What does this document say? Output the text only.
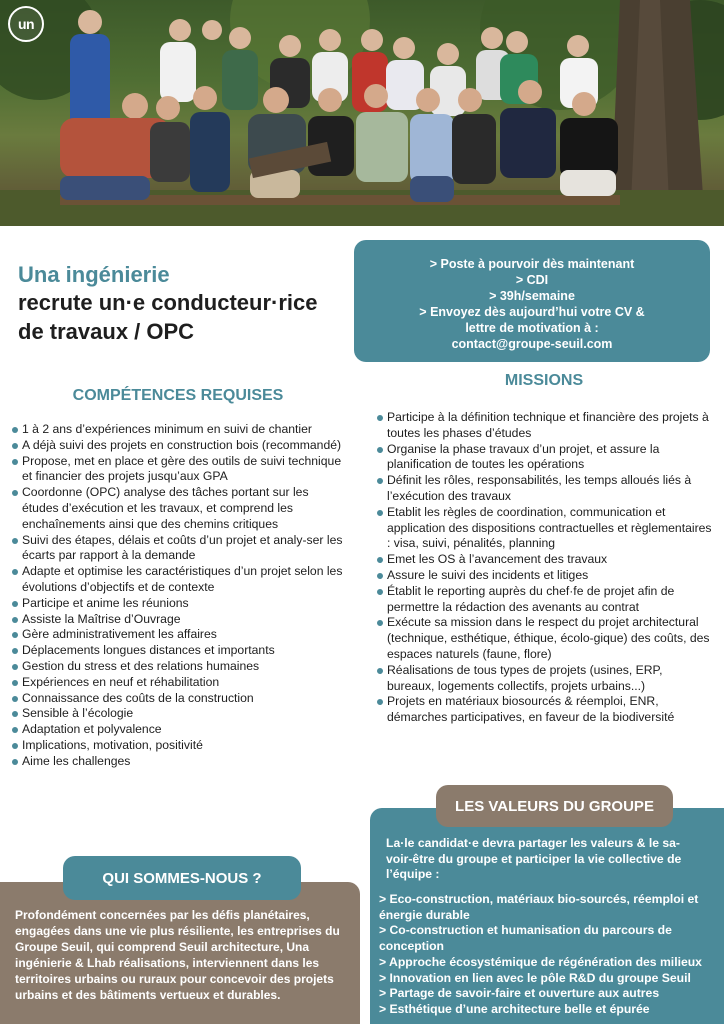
un
Una ingénierie
recrute un·e conducteur·rice
de travaux / OPC
> Poste à pourvoir dès maintenant
> CDI
> 39h/semaine
> Envoyez dès aujourd’hui votre CV &
lettre de motivation à :
contact@groupe-seuil.com
COMPÉTENCES REQUISES
1 à 2 ans d’expériences minimum en suivi de chantier
A déjà suivi des projets en construction bois (recommandé)
Propose, met en place et gère des outils de suivi technique et financier des projets jusqu’aux GPA
Coordonne (OPC) analyse des tâches portant sur les études d’exécution et les travaux, et comprend les enchaînements ainsi que des chemins critiques
Suivi des étapes, délais et coûts d’un projet et analy-ser les écarts par rapport à la demande
Adapte et optimise les caractéristiques d’un projet selon les évolutions d’objectifs et de contexte
Participe et anime les réunions
Assiste la Maîtrise d’Ouvrage
Gère administrativement les affaires
Déplacements longues distances et importants
Gestion du stress et des relations humaines
Expériences en neuf et réhabilitation
Connaissance des coûts de la construction
Sensible à l’écologie
Adaptation et polyvalence
Implications, motivation, positivité
Aime les challenges
MISSIONS
Participe à la définition technique et financière des projets à toutes les phases d’études
Organise la phase travaux d’un projet, et assure la planification de toutes les opérations
Définit les rôles, responsabilités, les temps alloués liés à l’exécution des travaux
Etablit les règles de coordination, communication et application des dispositions contractuelles et règlementaires : visa, suivi, pénalités, planning
Emet les OS à l’avancement des travaux
Assure le suivi des incidents et litiges
Établit le reporting auprès du chef·fe de projet afin de permettre la rédaction des avenants au contrat
Exécute sa mission dans le respect du projet architectural (technique, esthétique, éthique, écolo-gique) des coûts, des espaces naturels (faune, flore)
Réalisations de tous types de projets (usines, ERP, bureaux, logements collectifs, projets urbains...)
Projets en matériaux biosourcés & réemploi, ENR, démarches participatives, en faveur de la biodiversité
QUI SOMMES-NOUS ?
Profondément concernées par les défis planétaires, engagées dans une vie plus résiliente, les entreprises du Groupe Seuil, qui comprend Seuil architecture, Una ingénierie & Lhab réalisations, interviennent dans les territoires urbains ou ruraux pour concevoir des projets urbains et des bâtiments vertueux et durables.
LES VALEURS DU GROUPE
La·le candidat·e devra partager les valeurs & le sa-voir-être du groupe et participer la vie collective de l’équipe :
> Eco-construction, matériaux bio-sourcés, réemploi et énergie durable
> Co-construction et humanisation du parcours de conception
> Approche écosystémique de régénération des milieux
> Innovation en lien avec le pôle R&D du groupe Seuil
> Partage de savoir-faire et ouverture aux autres
> Esthétique d’une architecture belle et épurée
